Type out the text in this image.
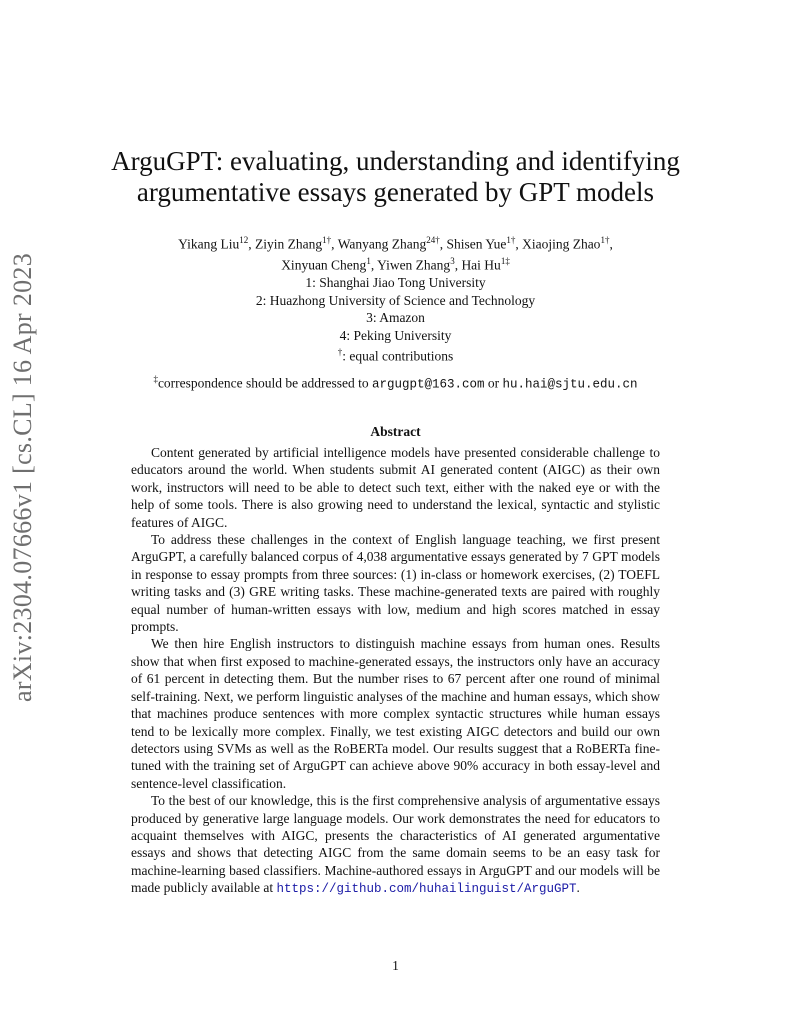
arXiv:2304.07666v1 [cs.CL] 16 Apr 2023
ArguGPT: evaluating, understanding and identifying
argumentative essays generated by GPT models
Yikang Liu$^{12}$, Ziyin Zhang$^{1\dagger}$, Wanyang Zhang$^{24\dagger}$, Shisen Yue$^{1\dagger}$, Xiaojing Zhao$^{1\dagger}$,
Xinyuan Cheng$^1$, Yiwen Zhang$^3$, Hai $Hu^{1\ddagger}$
1: Shanghai Jiao Tong University
2: Huazhong University of Science and Technology
3: Amazon
4: Peking University
†: equal contributions
‡correspondence should be addressed to argugpt@163.com or hu.hai@sjtu.edu.cn
Abstract

Content generated by artificial intelligence models have presented considerable challenge to educators around the world. When students submit AI generated content (AIGC) as their own work, instructors will need to be able to detect such text, either with the naked eye or with the help of some tools. There is also growing need to understand the lexical, syntactic and stylistic features of AIGC.

To address these challenges in the context of English language teaching, we first present ArguGPT, a carefully balanced corpus of 4,038 argumentative essays generated by 7 GPT models in response to essay prompts from three sources: (1) in-class or homework exercises, (2) TOEFL writing tasks and (3) GRE writing tasks. These machine-generated texts are paired with roughly equal number of human-written essays with low, medium and high scores matched in essay prompts.

We then hire English instructors to distinguish machine essays from human ones. Results show that when first exposed to machine-generated essays, the instructors only have an accuracy of 61 percent in detecting them. But the number rises to 67 percent after one round of minimal self-training. Next, we perform linguistic analyses of the machine and human essays, which show that machines produce sentences with more complex syntactic structures while human essays tend to be lexically more complex. Finally, we test existing AIGC detectors and build our own detectors using SVMs as well as the RoBERTa model. Our results suggest that a RoBERTa fine-tuned with the training set of ArguGPT can achieve above 90% accuracy in both essay-level and sentence-level classification.

To the best of our knowledge, this is the first comprehensive analysis of argumentative essays produced by generative large language models. Our work demonstrates the need for educators to acquaint themselves with AIGC, presents the characteristics of AI generated argumentative essays and shows that detecting AIGC from the same domain seems to be an easy task for machine-learning based classifiers. Machine-authored essays in ArguGPT and our models will be made publicly available at https://github.com/huhailinguist/ArguGPT.

1
